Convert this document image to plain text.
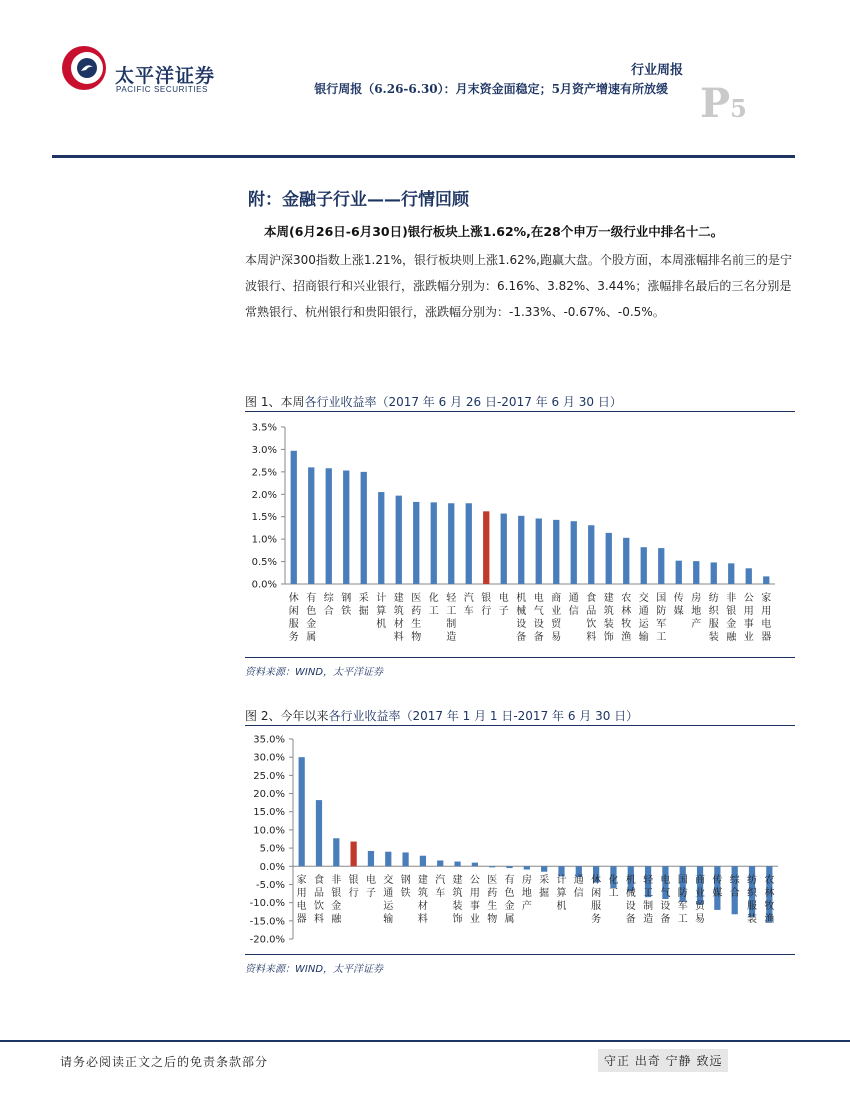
太平洋证券
PACIFIC SECURITIES
行业周报
银行周报（6.26-6.30）：月末资金面稳定；5月资产增速有所放缓 P5
附：金融子行业——行情回顾
本周(6月26日-6月30日)银行板块上涨1.62%,在28个申万一级行业中排名十二。
本周沪深300指数上涨1.21%，银行板块则上涨1.62%,跑赢大盘。个股方面，本周涨幅排名前三的是宁波银行、招商银行和兴业银行，涨跌幅分别为：6.16%、3.82%、3.44%；涨幅排名最后的三名分别是常熟银行、杭州银行和贵阳银行，涨跌幅分别为：-1.33%、-0.67%、-0.5%。
图 1、本周各行业收益率（2017 年 6 月 26 日-2017 年 6 月 30 日）
0.0%
0.5%
1.0%
1.5%
2.0%
2.5%
3.0%
3.5%
休闲服务
有色金属
综合
钢铁
采掘
计算机
建筑材料
医药生物
化工
轻工制造
汽车
银行
电子
机械设备
电气设备
商业贸易
通信
食品饮料
建筑装饰
农林牧渔
交通运输
国防军工
传媒
房地产
纺织服装
非银金融
公用事业
家用电器
资料来源：WIND，太平洋证券
图 2、今年以来各行业收益率（2017 年 1 月 1 日-2017 年 6 月 30 日）
-20.0%
-15.0%
-10.0%
-5.0%
0.0%
5.0%
10.0%
15.0%
20.0%
25.0%
30.0%
35.0%
家用电器
食品饮料
非银金融
银行
电子
交通运输
钢铁
建筑材料
汽车
建筑装饰
公用事业
医药生物
有色金属
房地产
采掘
计算机
通信
休闲服务
化工
机械设备
轻工制造
电气设备
国防军工
商业贸易
传媒
综合
纺织服装
农林牧渔
资料来源：WIND，太平洋证券
请务必阅读正文之后的免责条款部分	守正 出奇 宁静 致远
